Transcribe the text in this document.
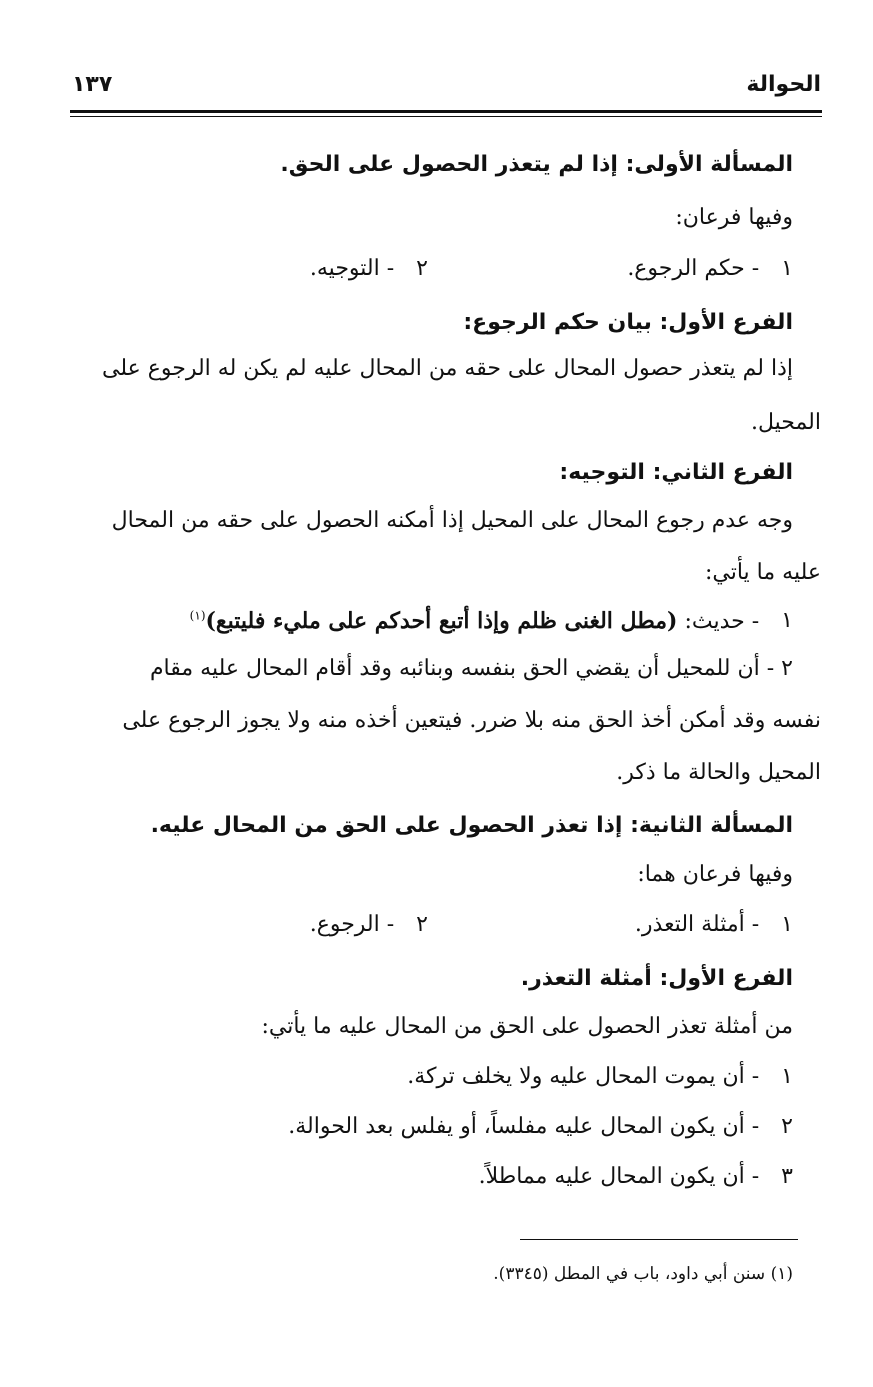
الحوالة
١٣٧
المسألة الأولى: إذا لم يتعذر الحصول على الحق.
وفيها فرعان:
١
- حكم الرجوع.
٢
- التوجيه.
الفرع الأول: بيان حكم الرجوع:
إذا لم يتعذر حصول المحال على حقه من المحال عليه لم يكن له الرجوع على
المحيل.
الفرع الثاني: التوجيه:
وجه عدم رجوع المحال على المحيل إذا أمكنه الحصول على حقه من المحال
عليه ما يأتي:
١
- حديث: (مطل الغنى ظلم وإذا أتبع أحدكم على مليء فليتبع)$^{(١)}$
٢ - أن للمحيل أن يقضي الحق بنفسه وبنائبه وقد أقام المحال عليه مقام
نفسه وقد أمكن أخذ الحق منه بلا ضرر. فيتعين أخذه منه ولا يجوز الرجوع على
المحيل والحالة ما ذكر.
المسألة الثانية: إذا تعذر الحصول على الحق من المحال عليه.
وفيها فرعان هما:
١
- أمثلة التعذر.
٢
- الرجوع.
الفرع الأول: أمثلة التعذر.
من أمثلة تعذر الحصول على الحق من المحال عليه ما يأتي:
١
- أن يموت المحال عليه ولا يخلف تركة.
٢
- أن يكون المحال عليه مفلساً، أو يفلس بعد الحوالة.
٣
- أن يكون المحال عليه مماطلاً.
(١) سنن أبي داود، باب في المطل (٣٣٤٥).
